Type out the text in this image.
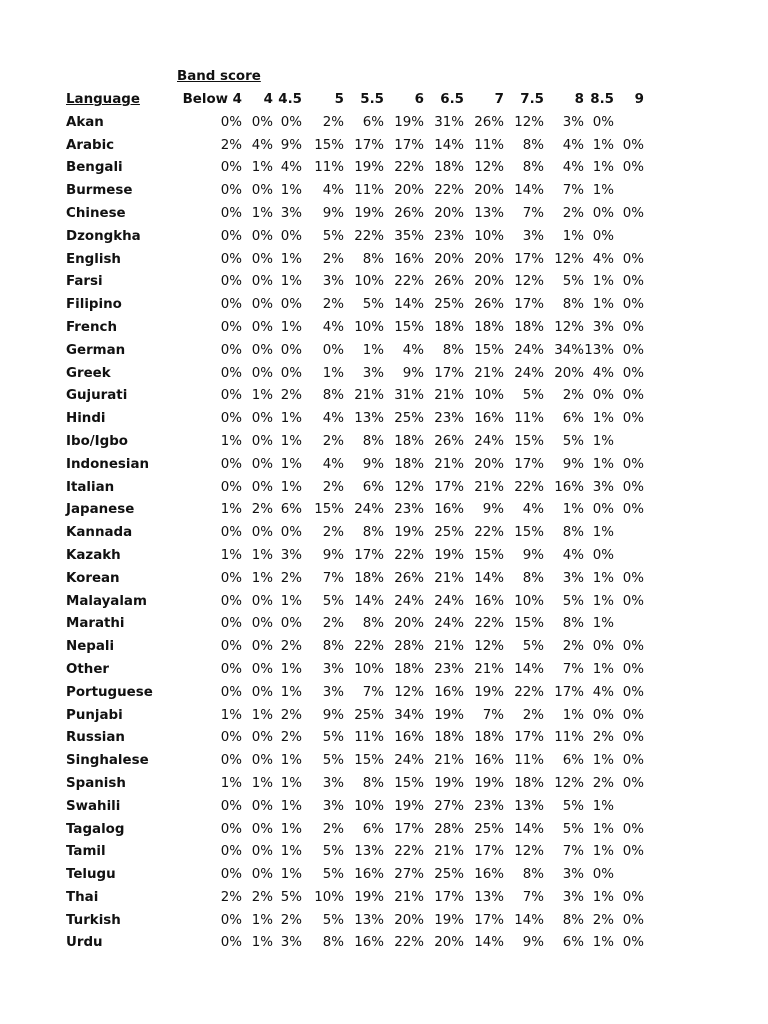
Band score
Language	Below 4	4	4.5	5	5.5	6	6.5	7	7.5	8	8.5	9
Akan	0%	0%	0%	2%	6%	19%	31%	26%	12%	3%	0%	
Arabic	2%	4%	9%	15%	17%	17%	14%	11%	8%	4%	1%	0%
Bengali	0%	1%	4%	11%	19%	22%	18%	12%	8%	4%	1%	0%
Burmese	0%	0%	1%	4%	11%	20%	22%	20%	14%	7%	1%	
Chinese	0%	1%	3%	9%	19%	26%	20%	13%	7%	2%	0%	0%
Dzongkha	0%	0%	0%	5%	22%	35%	23%	10%	3%	1%	0%	
English	0%	0%	1%	2%	8%	16%	20%	20%	17%	12%	4%	0%
Farsi	0%	0%	1%	3%	10%	22%	26%	20%	12%	5%	1%	0%
Filipino	0%	0%	0%	2%	5%	14%	25%	26%	17%	8%	1%	0%
French	0%	0%	1%	4%	10%	15%	18%	18%	18%	12%	3%	0%
German	0%	0%	0%	0%	1%	4%	8%	15%	24%	34%	13%	0%
Greek	0%	0%	0%	1%	3%	9%	17%	21%	24%	20%	4%	0%
Gujurati	0%	1%	2%	8%	21%	31%	21%	10%	5%	2%	0%	0%
Hindi	0%	0%	1%	4%	13%	25%	23%	16%	11%	6%	1%	0%
Ibo/Igbo	1%	0%	1%	2%	8%	18%	26%	24%	15%	5%	1%	
Indonesian	0%	0%	1%	4%	9%	18%	21%	20%	17%	9%	1%	0%
Italian	0%	0%	1%	2%	6%	12%	17%	21%	22%	16%	3%	0%
Japanese	1%	2%	6%	15%	24%	23%	16%	9%	4%	1%	0%	0%
Kannada	0%	0%	0%	2%	8%	19%	25%	22%	15%	8%	1%	
Kazakh	1%	1%	3%	9%	17%	22%	19%	15%	9%	4%	0%	
Korean	0%	1%	2%	7%	18%	26%	21%	14%	8%	3%	1%	0%
Malayalam	0%	0%	1%	5%	14%	24%	24%	16%	10%	5%	1%	0%
Marathi	0%	0%	0%	2%	8%	20%	24%	22%	15%	8%	1%	
Nepali	0%	0%	2%	8%	22%	28%	21%	12%	5%	2%	0%	0%
Other	0%	0%	1%	3%	10%	18%	23%	21%	14%	7%	1%	0%
Portuguese	0%	0%	1%	3%	7%	12%	16%	19%	22%	17%	4%	0%
Punjabi	1%	1%	2%	9%	25%	34%	19%	7%	2%	1%	0%	0%
Russian	0%	0%	2%	5%	11%	16%	18%	18%	17%	11%	2%	0%
Singhalese	0%	0%	1%	5%	15%	24%	21%	16%	11%	6%	1%	0%
Spanish	1%	1%	1%	3%	8%	15%	19%	19%	18%	12%	2%	0%
Swahili	0%	0%	1%	3%	10%	19%	27%	23%	13%	5%	1%	
Tagalog	0%	0%	1%	2%	6%	17%	28%	25%	14%	5%	1%	0%
Tamil	0%	0%	1%	5%	13%	22%	21%	17%	12%	7%	1%	0%
Telugu	0%	0%	1%	5%	16%	27%	25%	16%	8%	3%	0%	
Thai	2%	2%	5%	10%	19%	21%	17%	13%	7%	3%	1%	0%
Turkish	0%	1%	2%	5%	13%	20%	19%	17%	14%	8%	2%	0%
Urdu	0%	1%	3%	8%	16%	22%	20%	14%	9%	6%	1%	0%
